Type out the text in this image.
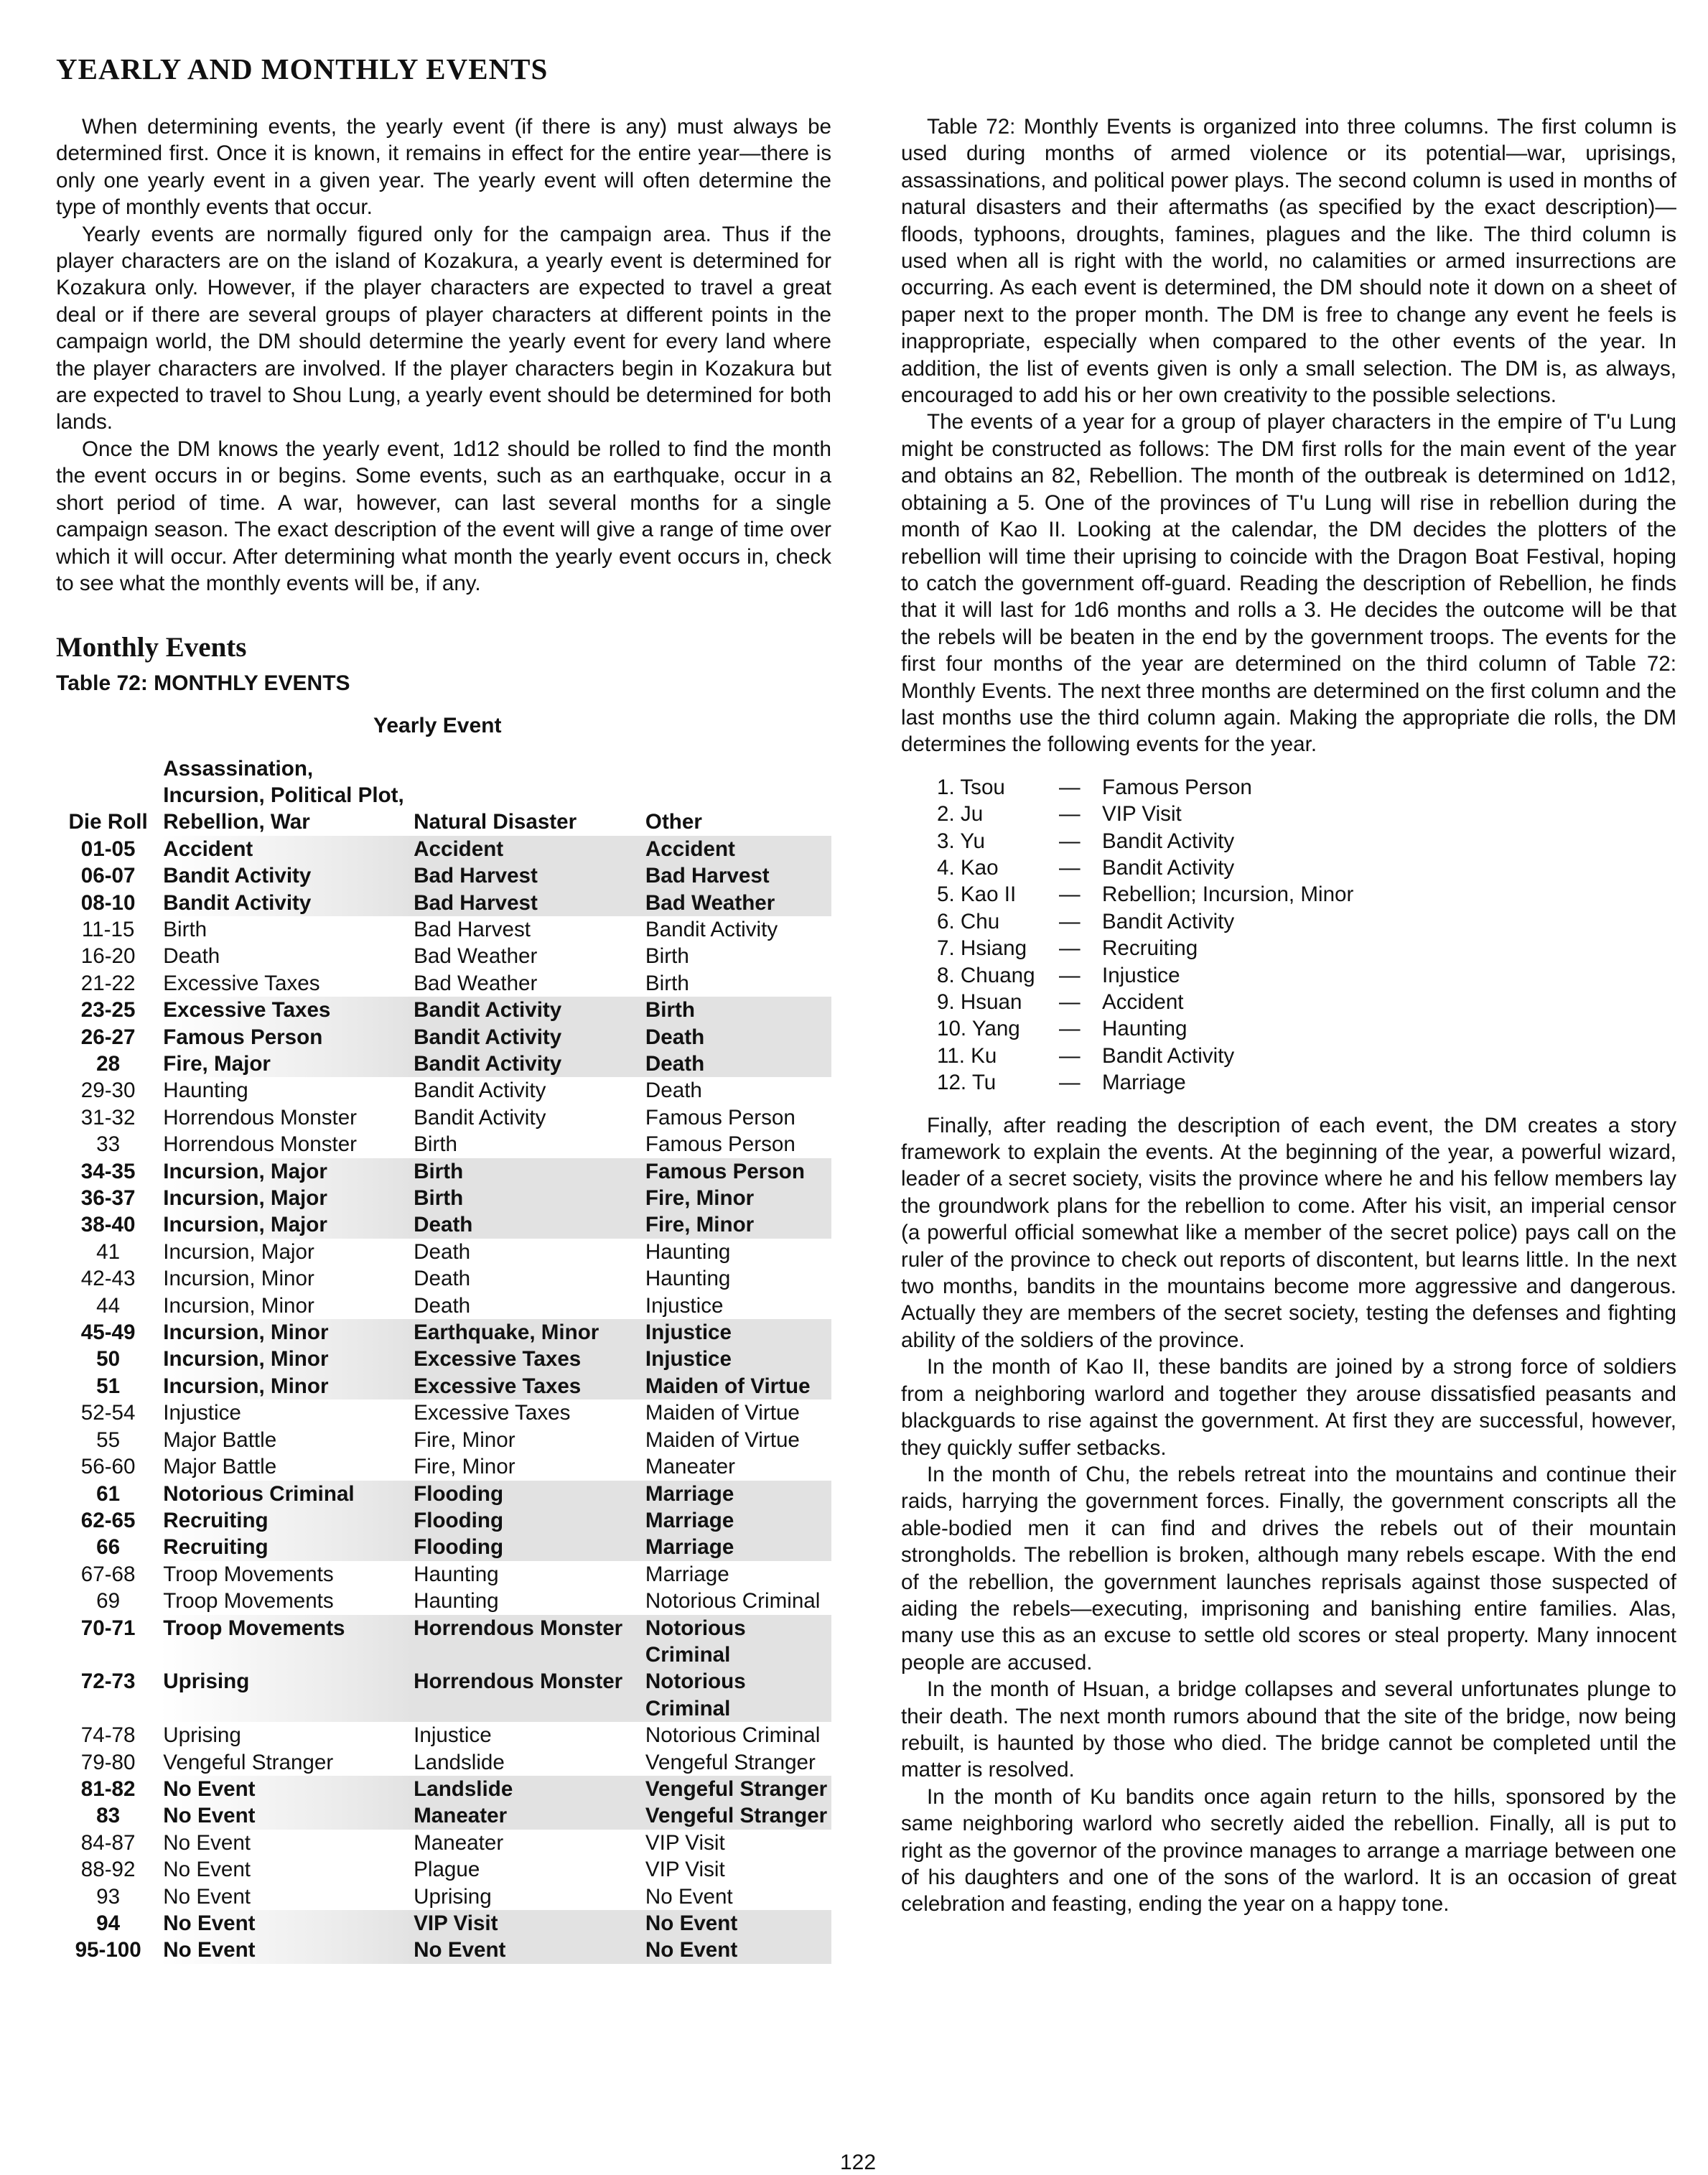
YEARLY AND MONTHLY EVENTS

When determining events, the yearly event (if there is any) must always be determined first. Once it is known, it remains in effect for the entire year—there is only one yearly event in a given year. The yearly event will often determine the type of monthly events that occur.

Yearly events are normally figured only for the campaign area. Thus if the player characters are on the island of Kozakura, a yearly event is determined for Kozakura only. However, if the player characters are expected to travel a great deal or if there are several groups of player characters at different points in the campaign world, the DM should determine the yearly event for every land where the player characters are involved. If the player characters begin in Kozakura but are expected to travel to Shou Lung, a yearly event should be determined for both lands.

Once the DM knows the yearly event, 1d12 should be rolled to find the month the event occurs in or begins. Some events, such as an earthquake, occur in a short period of time. A war, however, can last several months for a single campaign season. The exact description of the event will give a range of time over which it will occur. After determining what month the yearly event occurs in, check to see what the monthly events will be, if any.

Monthly Events
Table 72: MONTHLY EVENTS
Yearly Event
Die Roll	Assassination, Incursion, Political Plot, Rebellion, War	Natural Disaster	Other
01-05	Accident	Accident	Accident
06-07	Bandit Activity	Bad Harvest	Bad Harvest
08-10	Bandit Activity	Bad Harvest	Bad Weather
11-15	Birth	Bad Harvest	Bandit Activity
16-20	Death	Bad Weather	Birth
21-22	Excessive Taxes	Bad Weather	Birth
23-25	Excessive Taxes	Bandit Activity	Birth
26-27	Famous Person	Bandit Activity	Death
28	Fire, Major	Bandit Activity	Death
29-30	Haunting	Bandit Activity	Death
31-32	Horrendous Monster	Bandit Activity	Famous Person
33	Horrendous Monster	Birth	Famous Person
34-35	Incursion, Major	Birth	Famous Person
36-37	Incursion, Major	Birth	Fire, Minor
38-40	Incursion, Major	Death	Fire, Minor
41	Incursion, Major	Death	Haunting
42-43	Incursion, Minor	Death	Haunting
44	Incursion, Minor	Death	Injustice
45-49	Incursion, Minor	Earthquake, Minor	Injustice
50	Incursion, Minor	Excessive Taxes	Injustice
51	Incursion, Minor	Excessive Taxes	Maiden of Virtue
52-54	Injustice	Excessive Taxes	Maiden of Virtue
55	Major Battle	Fire, Minor	Maiden of Virtue
56-60	Major Battle	Fire, Minor	Maneater
61	Notorious Criminal	Flooding	Marriage
62-65	Recruiting	Flooding	Marriage
66	Recruiting	Flooding	Marriage
67-68	Troop Movements	Haunting	Marriage
69	Troop Movements	Haunting	Notorious Criminal
70-71	Troop Movements	Horrendous Monster	Notorious Criminal
72-73	Uprising	Horrendous Monster	Notorious Criminal
74-78	Uprising	Injustice	Notorious Criminal
79-80	Vengeful Stranger	Landslide	Vengeful Stranger
81-82	No Event	Landslide	Vengeful Stranger
83	No Event	Maneater	Vengeful Stranger
84-87	No Event	Maneater	VIP Visit
88-92	No Event	Plague	VIP Visit
93	No Event	Uprising	No Event
94	No Event	VIP Visit	No Event
95-100	No Event	No Event	No Event

Table 72: Monthly Events is organized into three columns. The first column is used during months of armed violence or its potential—war, uprisings, assassinations, and political power plays. The second column is used in months of natural disasters and their aftermaths (as specified by the exact description)—floods, typhoons, droughts, famines, plagues and the like. The third column is used when all is right with the world, no calamities or armed insurrections are occurring. As each event is determined, the DM should note it down on a sheet of paper next to the proper month. The DM is free to change any event he feels is inappropriate, especially when compared to the other events of the year. In addition, the list of events given is only a small selection. The DM is, as always, encouraged to add his or her own creativity to the possible selections.

The events of a year for a group of player characters in the empire of T'u Lung might be constructed as follows: The DM first rolls for the main event of the year and obtains an 82, Rebellion. The month of the outbreak is determined on 1d12, obtaining a 5. One of the provinces of T'u Lung will rise in rebellion during the month of Kao II. Looking at the calendar, the DM decides the plotters of the rebellion will time their uprising to coincide with the Dragon Boat Festival, hoping to catch the government off-guard. Reading the description of Rebellion, he finds that it will last for 1d6 months and rolls a 3. He decides the outcome will be that the rebels will be beaten in the end by the government troops. The events for the first four months of the year are determined on the third column of Table 72: Monthly Events. The next three months are determined on the first column and the last months use the third column again. Making the appropriate die rolls, the DM determines the following events for the year.

1. Tsou	—	Famous Person
2. Ju	—	VIP Visit
3. Yu	—	Bandit Activity
4. Kao	—	Bandit Activity
5. Kao II	—	Rebellion; Incursion, Minor
6. Chu	—	Bandit Activity
7. Hsiang	—	Recruiting
8. Chuang	—	Injustice
9. Hsuan	—	Accident
10. Yang	—	Haunting
11. Ku	—	Bandit Activity
12. Tu	—	Marriage

Finally, after reading the description of each event, the DM creates a story framework to explain the events. At the beginning of the year, a powerful wizard, leader of a secret society, visits the province where he and his fellow members lay the groundwork plans for the rebellion to come. After his visit, an imperial censor (a powerful official somewhat like a member of the secret police) pays call on the ruler of the province to check out reports of discontent, but learns little. In the next two months, bandits in the mountains become more aggressive and dangerous. Actually they are members of the secret society, testing the defenses and fighting ability of the soldiers of the province.

In the month of Kao II, these bandits are joined by a strong force of soldiers from a neighboring warlord and together they arouse dissatisfied peasants and blackguards to rise against the government. At first they are successful, however, they quickly suffer setbacks.

In the month of Chu, the rebels retreat into the mountains and continue their raids, harrying the government forces. Finally, the government conscripts all the able-bodied men it can find and drives the rebels out of their mountain strongholds. The rebellion is broken, although many rebels escape. With the end of the rebellion, the government launches reprisals against those suspected of aiding the rebels—executing, imprisoning and banishing entire families. Alas, many use this as an excuse to settle old scores or steal property. Many innocent people are accused.

In the month of Hsuan, a bridge collapses and several unfortunates plunge to their death. The next month rumors abound that the site of the bridge, now being rebuilt, is haunted by those who died. The bridge cannot be completed until the matter is resolved.

In the month of Ku bandits once again return to the hills, sponsored by the same neighboring warlord who secretly aided the rebellion. Finally, all is put to right as the governor of the province manages to arrange a marriage between one of his daughters and one of the sons of the warlord. It is an occasion of great celebration and feasting, ending the year on a happy tone.

122
